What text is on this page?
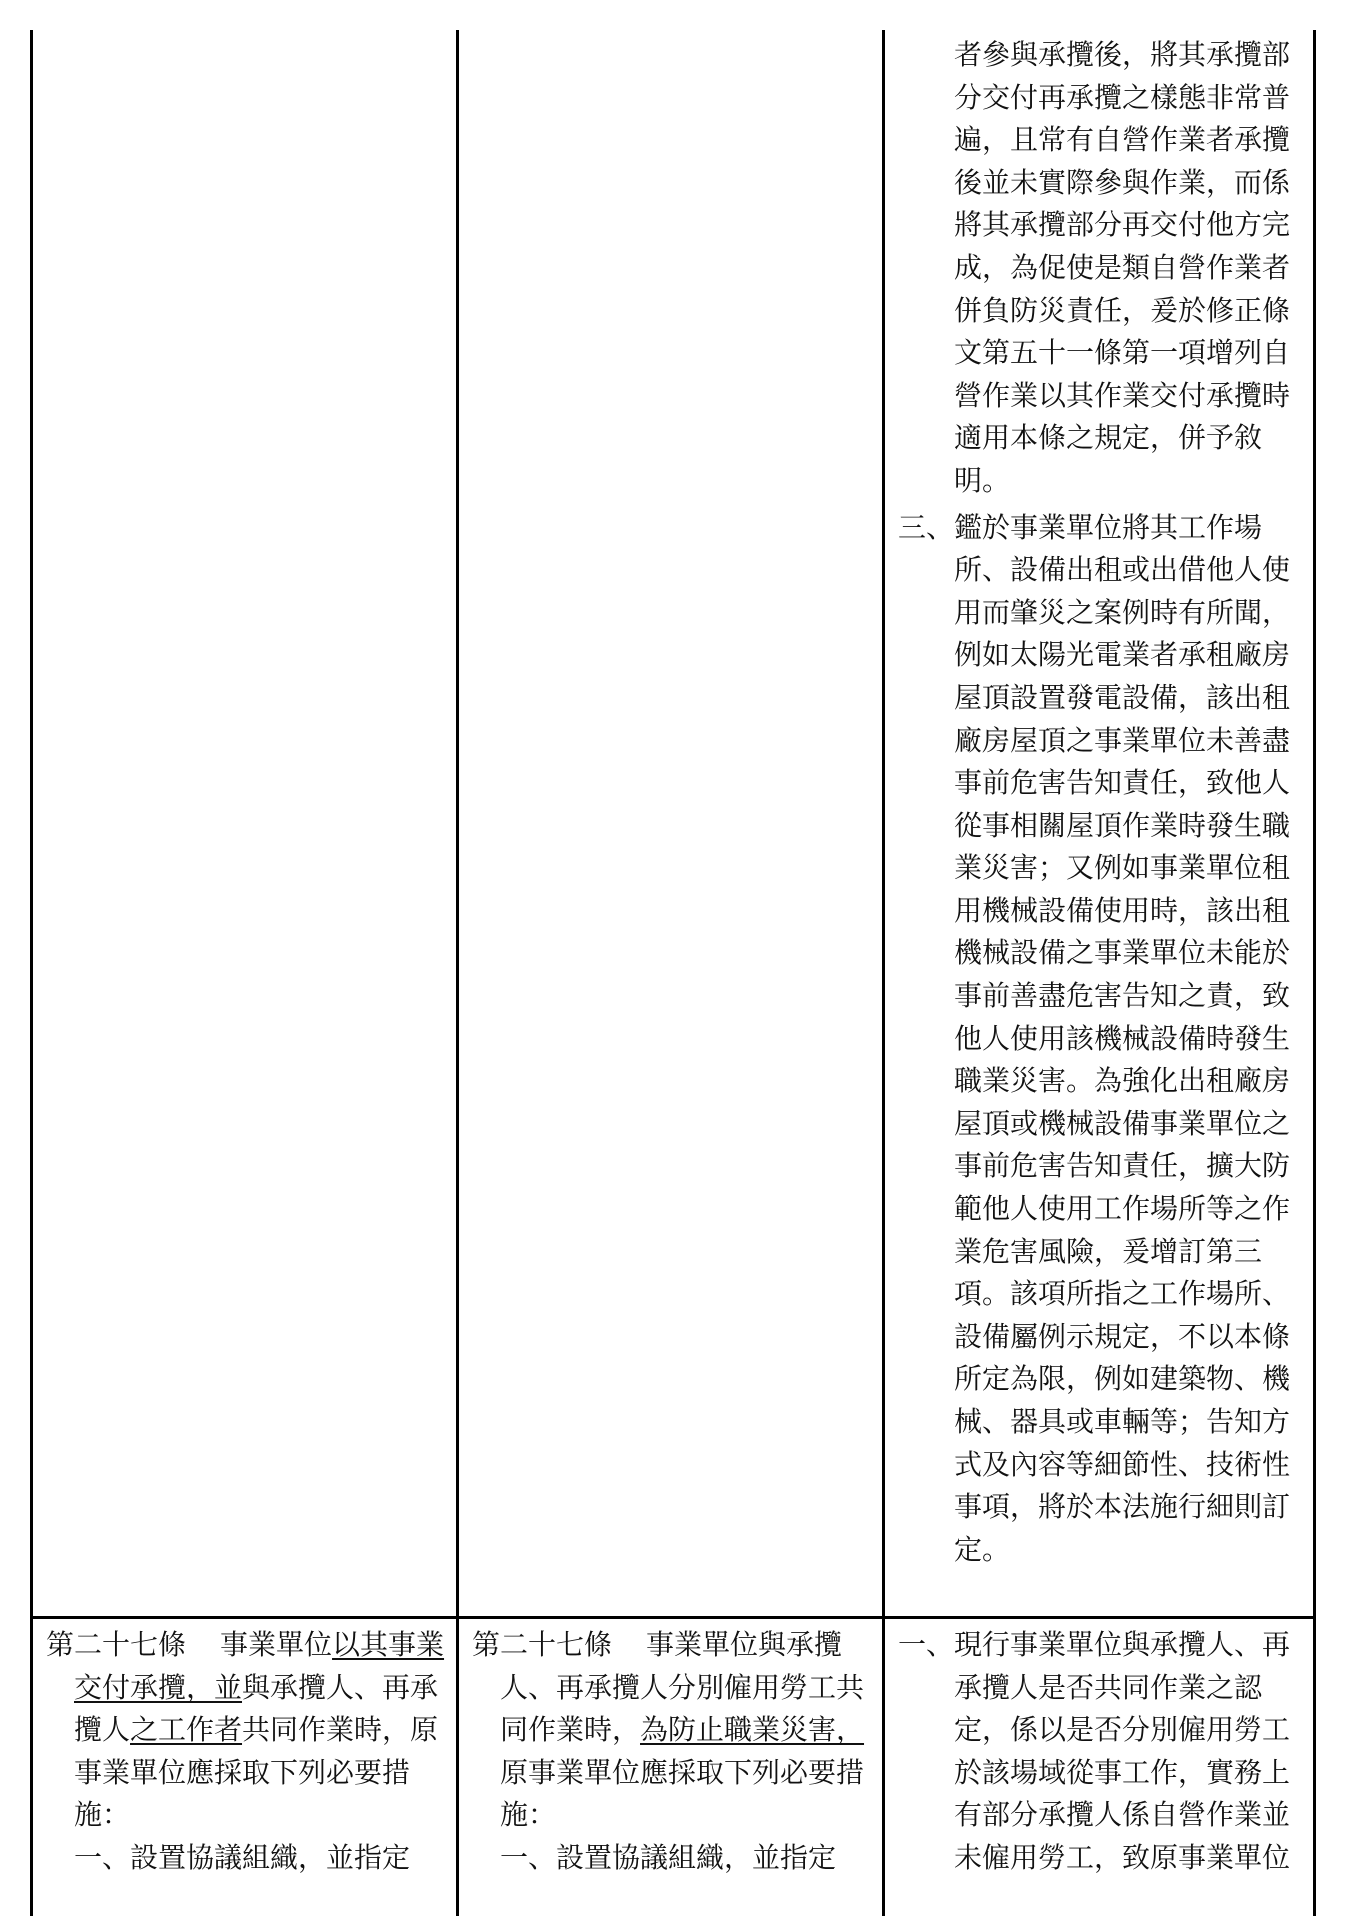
者參與承攬後，將其承攬部分交付再承攬之樣態非常普遍，且常有自營作業者承攬後並未實際參與作業，而係將其承攬部分再交付他方完成，為促使是類自營作業者併負防災責任，爰於修正條文第五十一條第一項增列自營作業以其作業交付承攬時適用本條之規定，併予敘明。
三、鑑於事業單位將其工作場所、設備出租或出借他人使用而肇災之案例時有所聞，例如太陽光電業者承租廠房屋頂設置發電設備，該出租廠房屋頂之事業單位未善盡事前危害告知責任，致他人從事相關屋頂作業時發生職業災害；又例如事業單位租用機械設備使用時，該出租機械設備之事業單位未能於事前善盡危害告知之責，致他人使用該機械設備時發生職業災害。為強化出租廠房屋頂或機械設備事業單位之事前危害告知責任，擴大防範他人使用工作場所等之作業危害風險，爰增訂第三項。該項所指之工作場所、設備屬例示規定，不以本條所定為限，例如建築物、機械、器具或車輛等；告知方式及內容等細節性、技術性事項，將於本法施行細則訂定。
第二十七條 事業單位以其事業交付承攬，並與承攬人、再承攬人之工作者共同作業時，原事業單位應採取下列必要措施：
一、設置協議組織，並指定
第二十七條 事業單位與承攬人、再承攬人分別僱用勞工共同作業時，為防止職業災害，原事業單位應採取下列必要措施：
一、設置協議組織，並指定
一、現行事業單位與承攬人、再承攬人是否共同作業之認定，係以是否分別僱用勞工於該場域從事工作，實務上有部分承攬人係自營作業並未僱用勞工，致原事業單位
